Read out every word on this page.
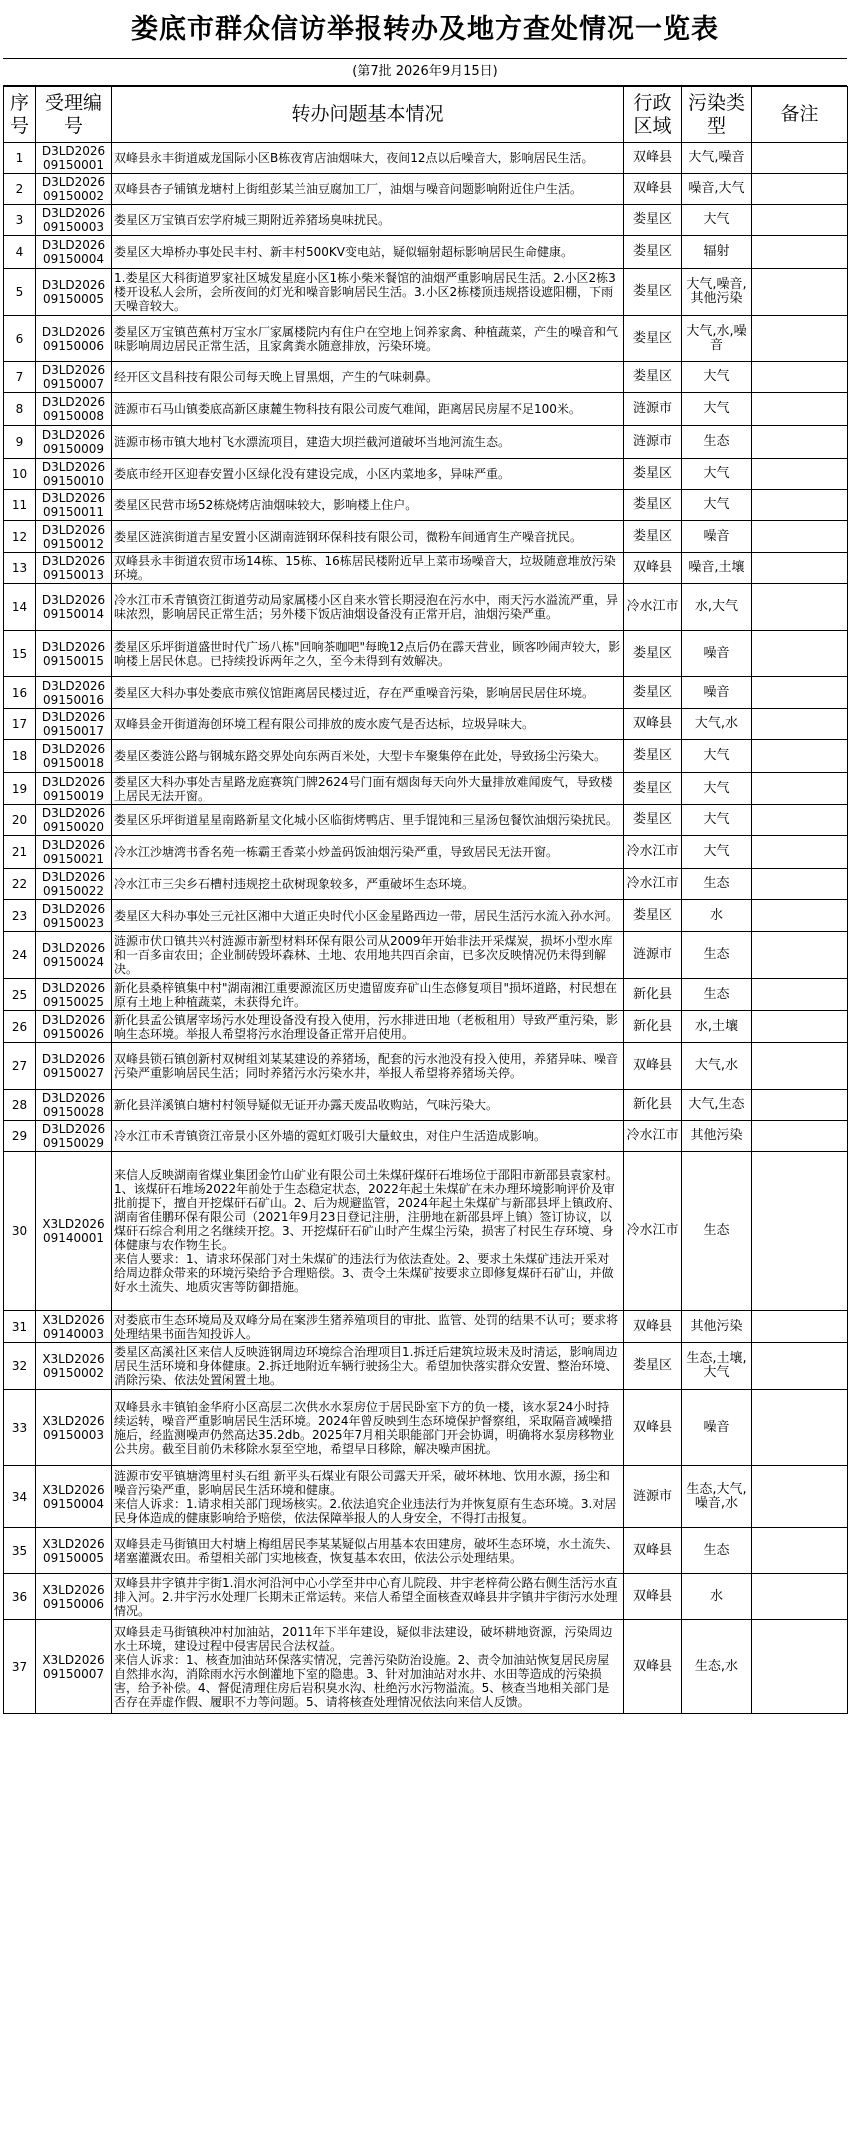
娄底市群众信访举报转办及地方查处情况一览表
(第7批 2026年9月15日)
序号	受理编号	转办问题基本情况	行政区域	污染类型	备注
1	D3LD2026 09150001	双峰县永丰街道威龙国际小区B栋夜宵店油烟味大，夜间12点以后噪音大，影响居民生活。	双峰县	大气,噪音	
2	D3LD2026 09150002	双峰县杏子铺镇龙塘村上街组彭某兰油豆腐加工厂，油烟与噪音问题影响附近住户生活。	双峰县	噪音,大气	
3	D3LD2026 09150003	娄星区万宝镇百宏学府城三期附近养猪场臭味扰民。	娄星区	大气	
4	D3LD2026 09150004	娄星区大埠桥办事处民丰村、新丰村500KV变电站，疑似辐射超标影响居民生命健康。	娄星区	辐射	
5	D3LD2026 09150005	1.娄星区大科街道罗家社区城发星庭小区1栋小柴米餐馆的油烟严重影响居民生活。2.小区2栋3楼开设私人会所，会所夜间的灯光和噪音影响居民生活。3.小区2栋楼顶违规搭设遮阳棚，下雨天噪音较大。	娄星区	大气,噪音,其他污染	
6	D3LD2026 09150006	娄星区万宝镇芭蕉村万宝水厂家属楼院内有住户在空地上饲养家禽、种植蔬菜，产生的噪音和气味影响周边居民正常生活，且家禽粪水随意排放，污染环境。	娄星区	大气,水,噪音	
7	D3LD2026 09150007	经开区文昌科技有限公司每天晚上冒黑烟，产生的气味刺鼻。	娄星区	大气	
8	D3LD2026 09150008	涟源市石马山镇娄底高新区康麓生物科技有限公司废气难闻，距离居民房屋不足100米。	涟源市	大气	
9	D3LD2026 09150009	涟源市杨市镇大地村飞水漂流项目，建造大坝拦截河道破坏当地河流生态。	涟源市	生态	
10	D3LD2026 09150010	娄底市经开区迎春安置小区绿化没有建设完成，小区内菜地多，异味严重。	娄星区	大气	
11	D3LD2026 09150011	娄星区民营市场52栋烧烤店油烟味较大，影响楼上住户。	娄星区	大气	
12	D3LD2026 09150012	娄星区涟滨街道吉星安置小区湖南涟钢环保科技有限公司，微粉车间通宵生产噪音扰民。	娄星区	噪音	
13	D3LD2026 09150013	双峰县永丰街道农贸市场14栋、15栋、16栋居民楼附近早上菜市场噪音大，垃圾随意堆放污染环境。	双峰县	噪音,土壤	
14	D3LD2026 09150014	冷水江市禾青镇资江街道劳动局家属楼小区自来水管长期浸泡在污水中，雨天污水溢流严重，异味浓烈，影响居民正常生活；另外楼下饭店油烟设备没有正常开启，油烟污染严重。	冷水江市	水,大气	
15	D3LD2026 09150015	娄星区乐坪街道盛世时代广场八栋"回响茶咖吧"每晚12点后仍在霹天营业，顾客吵闹声较大，影响楼上居民休息。已持续投诉两年之久，至今未得到有效解决。	娄星区	噪音	
16	D3LD2026 09150016	娄星区大科办事处娄底市殡仪馆距离居民楼过近，存在严重噪音污染，影响居民居住环境。	娄星区	噪音	
17	D3LD2026 09150017	双峰县金开街道海创环境工程有限公司排放的废水废气是否达标，垃圾异味大。	双峰县	大气,水	
18	D3LD2026 09150018	娄星区娄涟公路与钢城东路交界处向东两百米处，大型卡车聚集停在此处，导致扬尘污染大。	娄星区	大气	
19	D3LD2026 09150019	娄星区大科办事处吉星路龙庭赛筑门牌2624号门面有烟囱每天向外大量排放难闻废气，导致楼上居民无法开窗。	娄星区	大气	
20	D3LD2026 09150020	娄星区乐坪街道星星南路新星文化城小区临街烤鸭店、里手馄饨和三星汤包餐饮油烟污染扰民。	娄星区	大气	
21	D3LD2026 09150021	冷水江沙塘湾书香名苑一栋霸王香菜小炒盖码饭油烟污染严重，导致居民无法开窗。	冷水江市	大气	
22	D3LD2026 09150022	冷水江市三尖乡石槽村违规挖土砍树现象较多，严重破坏生态环境。	冷水江市	生态	
23	D3LD2026 09150023	娄星区大科办事处三元社区湘中大道正央时代小区金星路西边一带，居民生活污水流入孙水河。	娄星区	水	
24	D3LD2026 09150024	涟源市伏口镇共兴村涟源市新型材料环保有限公司从2009年开始非法开采煤炭，损坏小型水库和一百多亩农田；企业制砖毁坏森林、土地、农用地共四百余亩，已多次反映情况仍未得到解决。	涟源市	生态	
25	D3LD2026 09150025	新化县桑梓镇集中村"湖南湘江重要源流区历史遗留废弃矿山生态修复项目"损坏道路，村民想在原有土地上种植蔬菜，未获得允许。	新化县	生态	
26	D3LD2026 09150026	新化县孟公镇屠宰场污水处理设备没有投入使用，污水排进田地（老板租用）导致严重污染，影响生态环境。举报人希望将污水治理设备正常开启使用。	新化县	水,土壤	
27	D3LD2026 09150027	双峰县锁石镇创新村双树组刘某某建设的养猪场，配套的污水池没有投入使用，养猪异味、噪音污染严重影响居民生活；同时养猪污水污染水井，举报人希望将养猪场关停。	双峰县	大气,水	
28	D3LD2026 09150028	新化县洋溪镇白塘村村领导疑似无证开办露天废品收购站，气味污染大。	新化县	大气,生态	
29	D3LD2026 09150029	冷水江市禾青镇资江帝景小区外墙的霓虹灯吸引大量蚊虫，对住户生活造成影响。	冷水江市	其他污染	
30	X3LD2026 09140001	来信人反映湖南省煤业集团金竹山矿业有限公司土朱煤矸煤矸石堆场位于邵阳市新邵县袁家村。1、该煤矸石堆场2022年前处于生态稳定状态，2022年起土朱煤矿在未办理环境影响评价及审批前提下，擅自开挖煤矸石矿山。2、后为规避监管，2024年起土朱煤矿与新邵县坪上镇政府、湖南省佳鹏环保有限公司（2021年9月23日登记注册，注册地在新邵县坪上镇）签订协议，以煤矸石综合利用之名继续开挖。3、开挖煤矸石矿山时产生煤尘污染，损害了村民生存环境、身体健康与农作物生长。
来信人要求：1、请求环保部门对土朱煤矿的违法行为依法查处。2、要求土朱煤矿违法开采对给周边群众带来的环境污染给予合理赔偿。3、责令土朱煤矿按要求立即修复煤矸石矿山，并做好水土流失、地质灾害等防御措施。	冷水江市	生态	
31	X3LD2026 09140003	对娄底市生态环境局及双峰分局在案涉生猪养殖项目的审批、监管、处罚的结果不认可；要求将处理结果书面告知投诉人。	双峰县	其他污染	
32	X3LD2026 09150002	娄星区高溪社区来信人反映涟钢周边环境综合治理项目1.拆迁后建筑垃圾未及时清运，影响周边居民生活环境和身体健康。2.拆迁地附近车辆行驶扬尘大。希望加快落实群众安置、整治环境、消除污染、依法处置闲置土地。	娄星区	生态,土壤,大气	
33	X3LD2026 09150003	双峰县永丰镇铂金华府小区高层二次供水水泵房位于居民卧室下方的负一楼，该水泵24小时持续运转，噪音严重影响居民生活环境。2024年曾反映到生态环境保护督察组，采取隔音减噪措施后，经监测噪声仍然高达35.2db。2025年7月相关职能部门开会协调，明确将水泵房移物业公共房。截至目前仍未移除水泵至空地，希望早日移除，解决噪声困扰。	双峰县	噪音	
34	X3LD2026 09150004	涟源市安平镇塘湾里村头石组 新平头石煤业有限公司露天开采，破坏林地、饮用水源，扬尘和噪音污染严重，影响居民生活环境和健康。
来信人诉求：1.请求相关部门现场核实。2.依法追究企业违法行为并恢复原有生态环境。3.对居民身体造成的健康影响给予赔偿，依法保障举报人的人身安全，不得打击报复。	涟源市	生态,大气,噪音,水	
35	X3LD2026 09150005	双峰县走马街镇田大村塘上梅组居民李某某疑似占用基本农田建房，破坏生态环境，水土流失、堵塞灌溉农田。希望相关部门实地核查，恢复基本农田，依法公示处理结果。	双峰县	生态	
36	X3LD2026 09150006	双峰县井字镇井宇街1.涓水河沿河中心小学至井中心育儿院段、井宇老梓荷公路右侧生活污水直排入河。2.井宇污水处理厂长期未正常运转。来信人希望全面核查双峰县井字镇井宇街污水处理情况。	双峰县	水	
37	X3LD2026 09150007	双峰县走马街镇秧冲村加油站，2011年下半年建设，疑似非法建设，破坏耕地资源，污染周边水土环境，建设过程中侵害居民合法权益。
来信人诉求：1、核查加油站环保落实情况，完善污染防治设施。2、责令加油站恢复居民房屋自然排水沟，消除雨水污水倒灌地下室的隐患。3、针对加油站对水井、水田等造成的污染损害，给予补偿。4、督促清理住房后岩积臭水沟、杜绝污水污物溢流。5、核查当地相关部门是否存在弄虚作假、履职不力等问题。5、请将核查处理情况依法向来信人反馈。	双峰县	生态,水	
